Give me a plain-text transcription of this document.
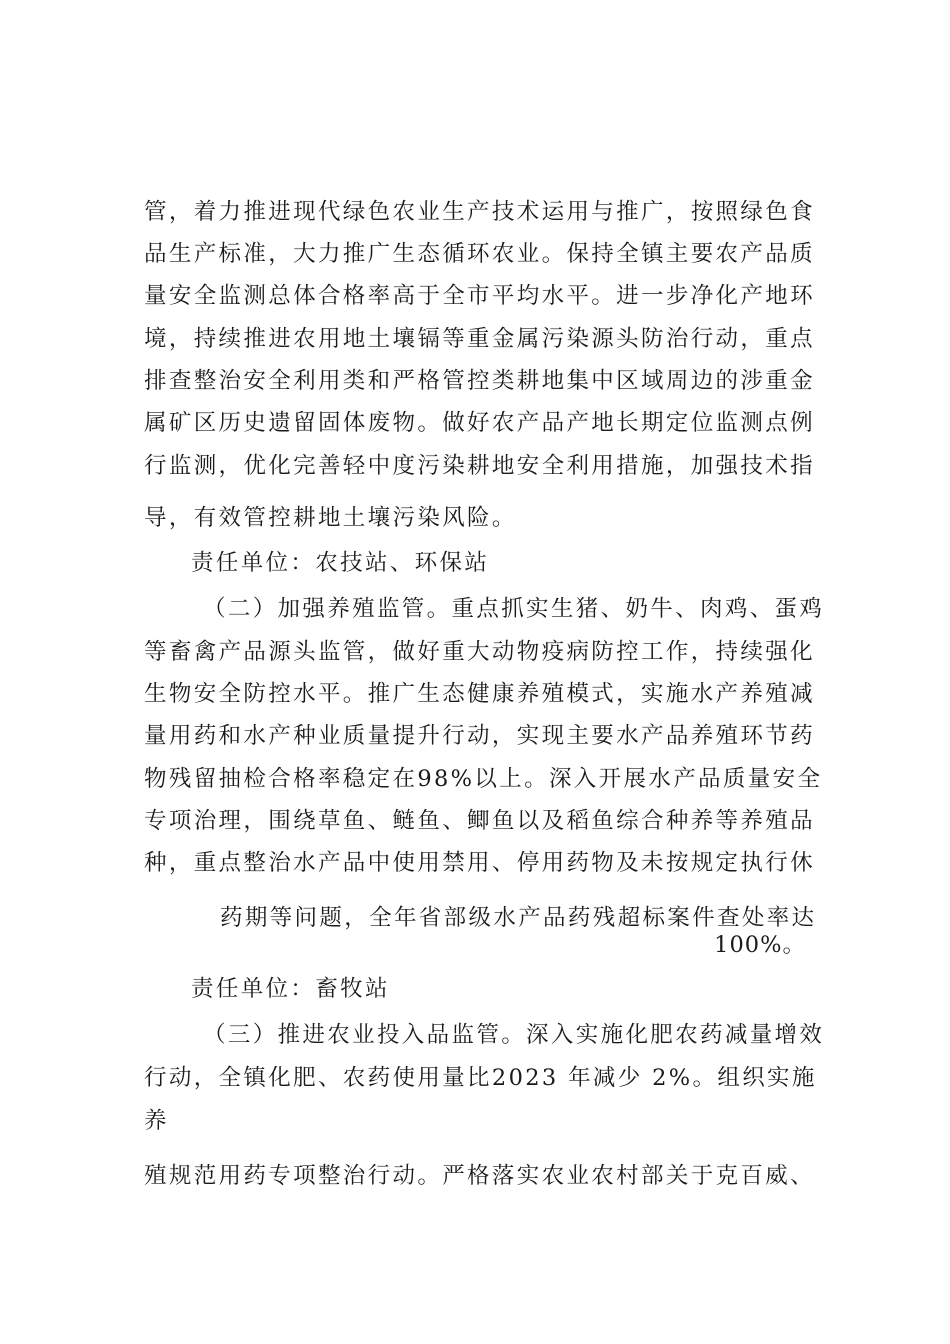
管，着力推进现代绿色农业生产技术运用与推广，按照绿色食
品生产标准，大力推广生态循环农业。保持全镇主要农产品质
量安全监测总体合格率高于全市平均水平。进一步净化产地环
境，持续推进农用地土壤镉等重金属污染源头防治行动，重点
排查整治安全利用类和严格管控类耕地集中区域周边的涉重金
属矿区历史遗留固体废物。做好农产品产地长期定位监测点例
行监测，优化完善轻中度污染耕地安全利用措施，加强技术指
导，有效管控耕地土壤污染风险。
责任单位：农技站、环保站
（二）加强养殖监管。重点抓实生猪、奶牛、肉鸡、蛋鸡
等畜禽产品源头监管，做好重大动物疫病防控工作，持续强化
生物安全防控水平。推广生态健康养殖模式，实施水产养殖减
量用药和水产种业质量提升行动，实现主要水产品养殖环节药
物残留抽检合格率稳定在98%以上。深入开展水产品质量安全
专项治理，围绕草鱼、鲢鱼、鲫鱼以及稻鱼综合种养等养殖品
种，重点整治水产品中使用禁用、停用药物及未按规定执行休
药期等问题，全年省部级水产品药残超标案件查处率达
100%。
责任单位：畜牧站
（三）推进农业投入品监管。深入实施化肥农药减量增效
行动，全镇化肥、农药使用量比2023 年减少 2%。组织实施
养
殖规范用药专项整治行动。严格落实农业农村部关于克百威、
